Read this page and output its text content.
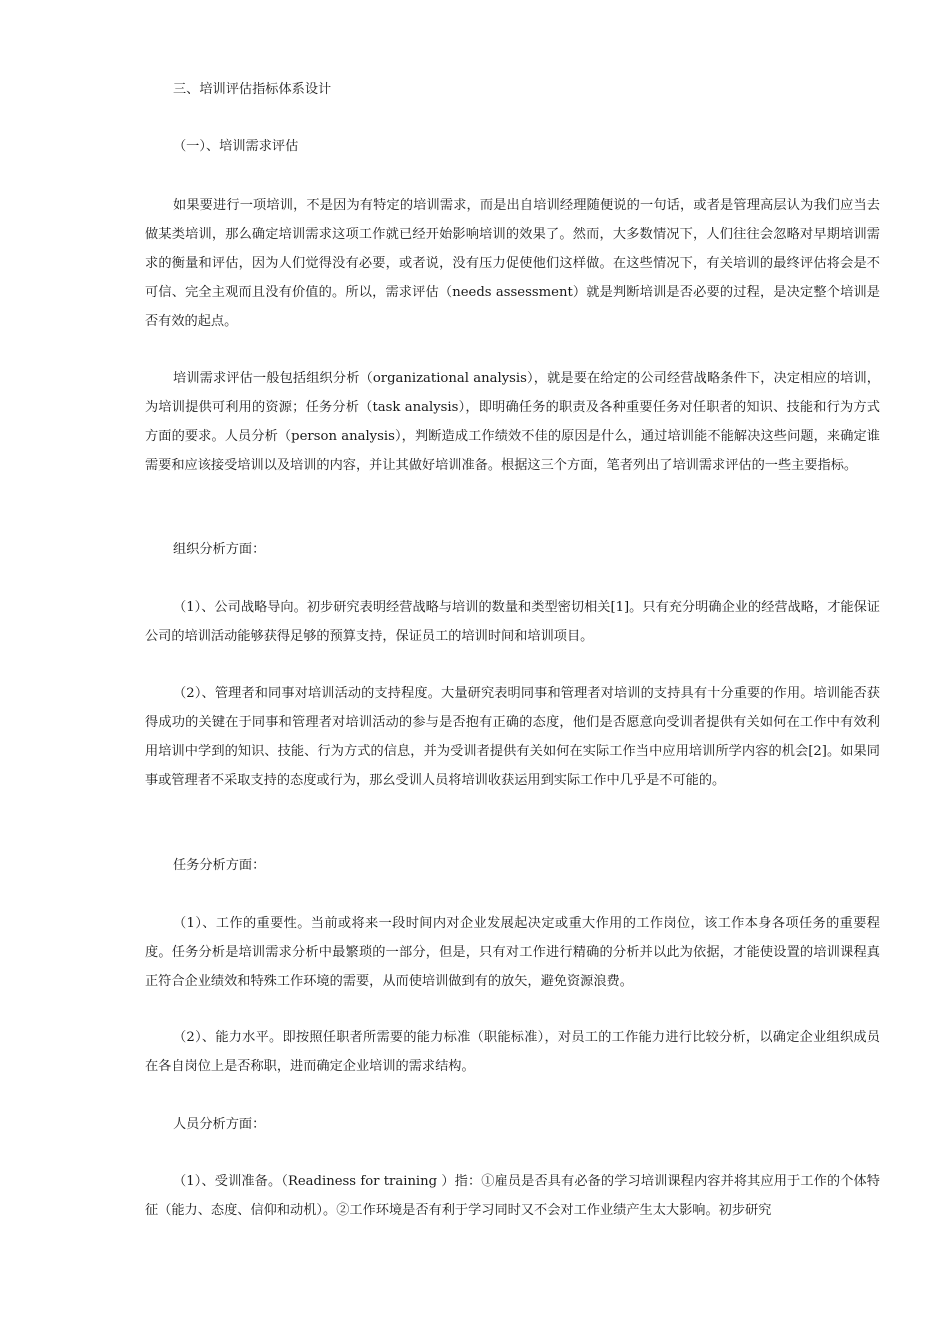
三、培训评估指标体系设计

（一）、培训需求评估

如果要进行一项培训，不是因为有特定的培训需求，而是出自培训经理随便说的一句话，或者是管理高层认为我们应当去做某类培训，那么确定培训需求这项工作就已经开始影响培训的效果了。然而，大多数情况下，人们往往会忽略对早期培训需求的衡量和评估，因为人们觉得没有必要，或者说，没有压力促使他们这样做。在这些情况下，有关培训的最终评估将会是不可信、完全主观而且没有价值的。所以，需求评估（needs assessment）就是判断培训是否必要的过程，是决定整个培训是否有效的起点。

培训需求评估一般包括组织分析（organizational analysis），就是要在给定的公司经营战略条件下，决定相应的培训，为培训提供可利用的资源；任务分析（task analysis），即明确任务的职责及各种重要任务对任职者的知识、技能和行为方式方面的要求。人员分析（person analysis），判断造成工作绩效不佳的原因是什么，通过培训能不能解决这些问题，来确定谁需要和应该接受培训以及培训的内容，并让其做好培训准备。根据这三个方面，笔者列出了培训需求评估的一些主要指标。

组织分析方面：

（1）、公司战略导向。初步研究表明经营战略与培训的数量和类型密切相关[1]。只有充分明确企业的经营战略，才能保证公司的培训活动能够获得足够的预算支持，保证员工的培训时间和培训项目。

（2）、管理者和同事对培训活动的支持程度。大量研究表明同事和管理者对培训的支持具有十分重要的作用。培训能否获得成功的关键在于同事和管理者对培训活动的参与是否抱有正确的态度，他们是否愿意向受训者提供有关如何在工作中有效利用培训中学到的知识、技能、行为方式的信息，并为受训者提供有关如何在实际工作当中应用培训所学内容的机会[2]。如果同事或管理者不采取支持的态度或行为，那幺受训人员将培训收获运用到实际工作中几乎是不可能的。

任务分析方面：

（1）、工作的重要性。当前或将来一段时间内对企业发展起决定或重大作用的工作岗位，该工作本身各项任务的重要程度。任务分析是培训需求分析中最繁琐的一部分，但是，只有对工作进行精确的分析并以此为依据，才能使设置的培训课程真正符合企业绩效和特殊工作环境的需要，从而使培训做到有的放矢，避免资源浪费。

（2）、能力水平。即按照任职者所需要的能力标准（职能标准），对员工的工作能力进行比较分析，以确定企业组织成员在各自岗位上是否称职，进而确定企业培训的需求结构。

人员分析方面：

（1）、受训准备。（Readiness for training ）指：①雇员是否具有必备的学习培训课程内容并将其应用于工作的个体特征（能力、态度、信仰和动机）。②工作环境是否有利于学习同时又不会对工作业绩产生太大影响。初步研究
